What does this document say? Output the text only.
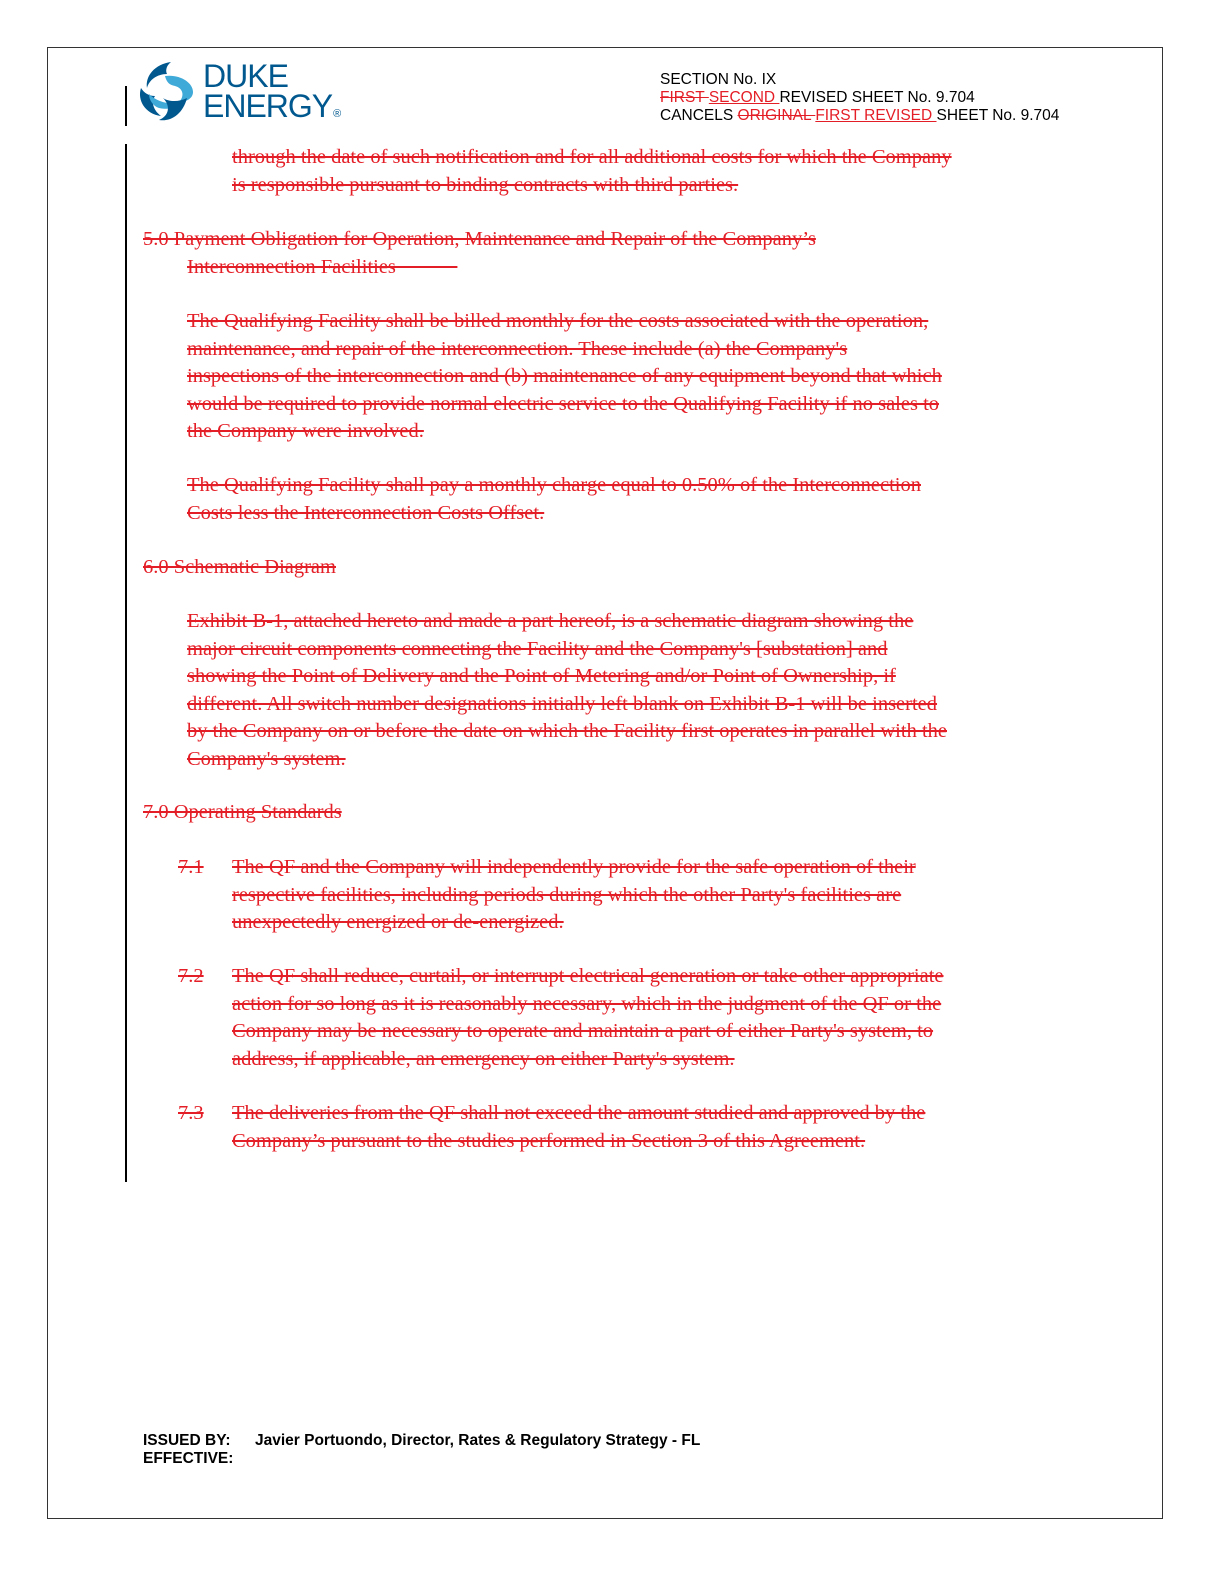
DUKE
ENERGY®
SECTION No. IX
FIRST SECOND REVISED SHEET No. 9.704
CANCELS ORIGINAL FIRST REVISED SHEET No. 9.704
through the date of such notification and for all additional costs for which the Company
is responsible pursuant to binding contracts with third parties.
5.0 Payment Obligation for Operation, Maintenance and Repair of the Company’s
Interconnection Facilities
The Qualifying Facility shall be billed monthly for the costs associated with the operation,
maintenance, and repair of the interconnection. These include (a) the Company's
inspections of the interconnection and (b) maintenance of any equipment beyond that which
would be required to provide normal electric service to the Qualifying Facility if no sales to
the Company were involved.
The Qualifying Facility shall pay a monthly charge equal to 0.50% of the Interconnection
Costs less the Interconnection Costs Offset.
6.0 Schematic Diagram
Exhibit B-1, attached hereto and made a part hereof, is a schematic diagram showing the
major circuit components connecting the Facility and the Company's [substation] and
showing the Point of Delivery and the Point of Metering and/or Point of Ownership, if
different. All switch number designations initially left blank on Exhibit B-1 will be inserted
by the Company on or before the date on which the Facility first operates in parallel with the
Company's system.
7.0 Operating Standards
7.1 The QF and the Company will independently provide for the safe operation of their
respective facilities, including periods during which the other Party's facilities are
unexpectedly energized or de-energized.
7.2 The QF shall reduce, curtail, or interrupt electrical generation or take other appropriate
action for so long as it is reasonably necessary, which in the judgment of the QF or the
Company may be necessary to operate and maintain a part of either Party's system, to
address, if applicable, an emergency on either Party's system.
7.3 The deliveries from the QF shall not exceed the amount studied and approved by the
Company’s pursuant to the studies performed in Section 3 of this Agreement.
ISSUED BY: Javier Portuondo, Director, Rates & Regulatory Strategy - FL
EFFECTIVE:
